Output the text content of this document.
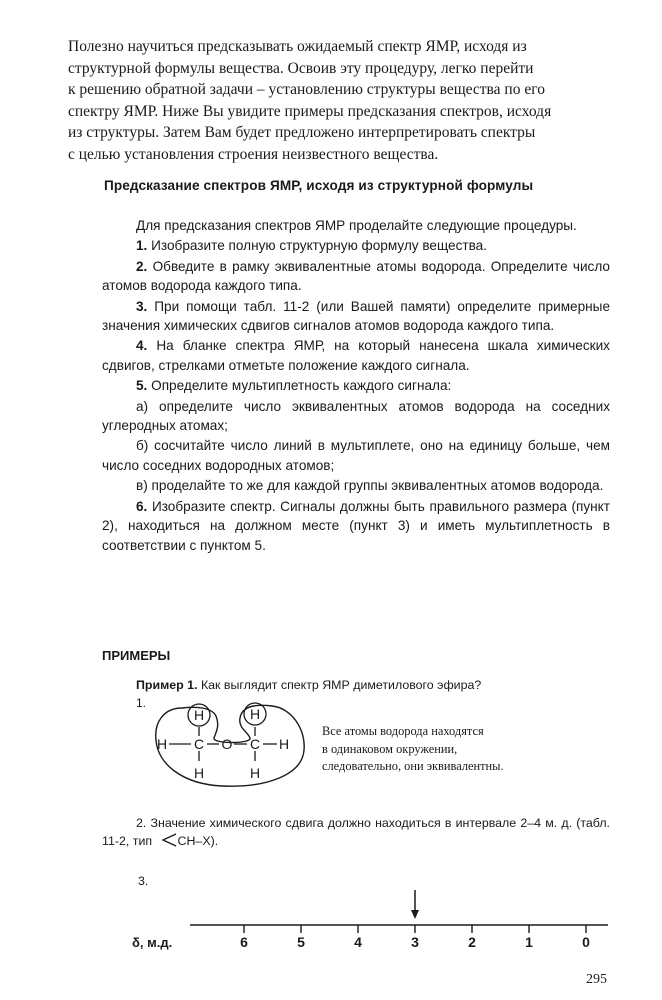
Полезно научиться предсказывать ожидаемый спектр ЯМР, исходя из
структурной формулы вещества. Освоив эту процедуру, легко перейти
к решению обратной задачи – установлению структуры вещества по его
спектру ЯМР. Ниже Вы увидите примеры предсказания спектров, исходя
из структуры. Затем Вам будет предложено интерпретировать спектры
с целью установления строения неизвестного вещества.
Предсказание спектров ЯМР, исходя из структурной формулы

Для предсказания спектров ЯМР проделайте следующие процедуры.

1. Изобразите полную структурную формулу вещества.

2. Обведите в рамку эквивалентные атомы водорода. Определите число атомов водорода каждого типа.

3. При помощи табл. 11-2 (или Вашей памяти) определите примерные значения химических сдвигов сигналов атомов водорода каждого типа.

4. На бланке спектра ЯМР, на который нанесена шкала химических сдвигов, стрелками отметьте положение каждого сигнала.

5. Определите мультиплетность каждого сигнала:

а) определите число эквивалентных атомов водорода на соседних углеродных атомах;

б) сосчитайте число линий в мультиплете, оно на единицу больше, чем число соседних водородных атомов;

в) проделайте то же для каждой группы эквивалентных атомов водорода.

6. Изобразите спектр. Сигналы должны быть правильного размера (пункт 2), находиться на должном месте (пункт 3) и иметь мультиплетность в соответствии с пунктом 5.

ПРИМЕРЫ
Пример 1. Как выглядит спектр ЯМР диметилового эфира?
1.
H	H
H C O C H
H	H
Все атомы водорода находятся
в одинаковом окружении,
следовательно, они эквивалентны.
2. Значение химического сдвига должно находиться в интервале 2–4 м. д. (табл. 11-2, тип CH–X).
3.
6	5	4	3	2	1	0
δ, м.д.
295
